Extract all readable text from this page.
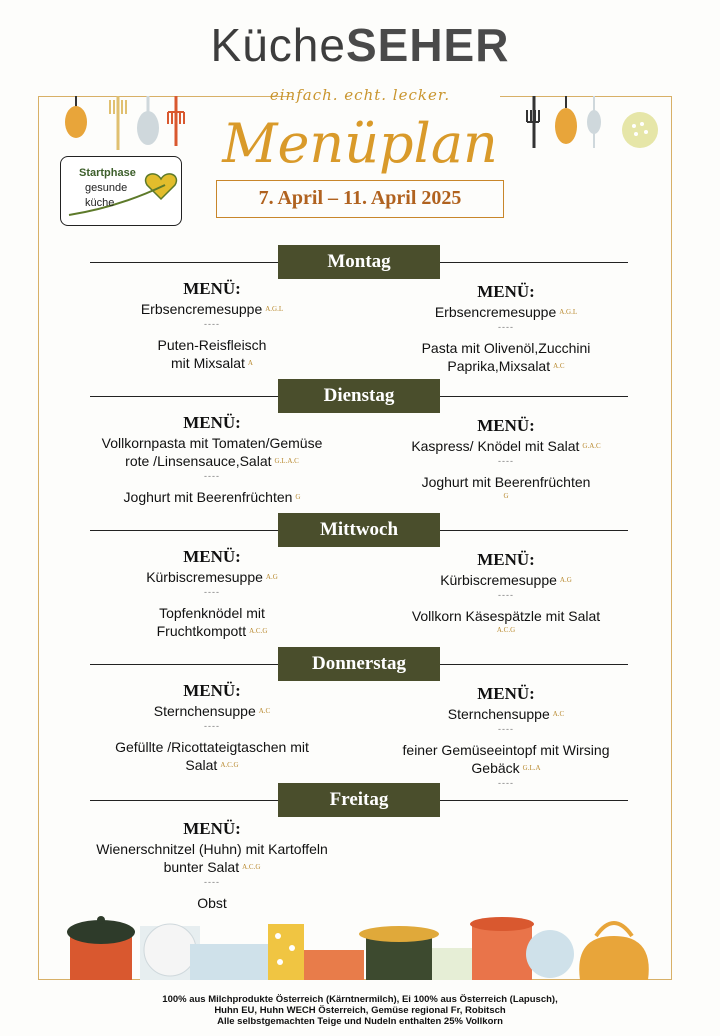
KücheSEHER
einfach. echt. lecker.
Menüplan
7. April – 11. April 2025
Startphase
gesunde
küche
Montag
MENÜ:
Erbsencremesuppe $^{A.G.L}$
----
Puten-Reisfleisch
mit Mixsalat $^A$
MENÜ:
Erbsencremesuppe $^{A.G.L}$
----
Pasta mit Olivenöl,Zucchini
Paprika,Mixsalat $^{A.C}$
Dienstag
MENÜ:
Vollkornpasta mit Tomaten/Gemüse
rote /Linsensauce,Salat $^{G.L.A.C}$
----
Joghurt mit Beerenfrüchten $^G$
MENÜ:
Kaspress/ Knödel mit Salat $^{G.A.C}$
----
Joghurt mit Beerenfrüchten
G
Mittwoch
MENÜ:
Kürbiscremesuppe $^{A.G}$
----
Topfenknödel mit
Fruchtkompott $^{A.C.G}$
MENÜ:
Kürbiscremesuppe $^{A.G}$
----
Vollkorn Käsespätzle mit Salat
A.C.G
Donnerstag
MENÜ:
Sternchensuppe $^{A.C}$
----
Gefüllte /Ricottateigtaschen mit
Salat $^{A.C.G}$
MENÜ:
Sternchensuppe $^{A.C}$
----
feiner Gemüseeintopf mit Wirsing
Gebäck $^{G.L.A}$
----
Freitag
MENÜ:
Wienerschnitzel (Huhn) mit Kartoffeln
bunter Salat $^{A.C.G}$
----
Obst
100% aus Milchprodukte Österreich (Kärntnermilch), Ei 100% aus Österreich (Lapusch),
Huhn EU, Huhn WECH Österreich, Gemüse regional Fr, Robitsch
Alle selbstgemachten Teige und Nudeln enthalten 25% Vollkorn
